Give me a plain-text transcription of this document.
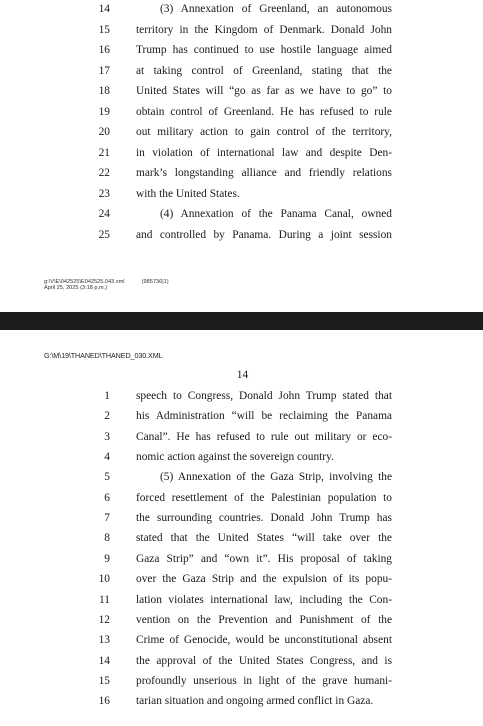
14	(3) Annexation of Greenland, an autonomous
15 territory in the Kingdom of Denmark. Donald John
16 Trump has continued to use hostile language aimed
17 at taking control of Greenland, stating that the
18 United States will “go as far as we have to go” to
19 obtain control of Greenland. He has refused to rule
20 out military action to gain control of the territory,
21 in violation of international law and despite Den-
22 mark’s longstanding alliance and friendly relations
23 with the United States.
24	(4) Annexation of the Panama Canal, owned
25 and controlled by Panama. During a joint session
g:\V\E\042525\E042525.043.xml	(985736|1)
April 25, 2025 (3:18 p.m.)
G:\M\19\THANED\THANED_030.XML
14
1 speech to Congress, Donald John Trump stated that
2 his Administration “will be reclaiming the Panama
3 Canal”. He has refused to rule out military or eco-
4 nomic action against the sovereign country.
5	(5) Annexation of the Gaza Strip, involving the
6 forced resettlement of the Palestinian population to
7 the surrounding countries. Donald John Trump has
8 stated that the United States “will take over the
9 Gaza Strip” and “own it”. His proposal of taking
10 over the Gaza Strip and the expulsion of its popu-
11 lation violates international law, including the Con-
12 vention on the Prevention and Punishment of the
13 Crime of Genocide, would be unconstitutional absent
14 the approval of the United States Congress, and is
15 profoundly unserious in light of the grave humani-
16 tarian situation and ongoing armed conflict in Gaza.
